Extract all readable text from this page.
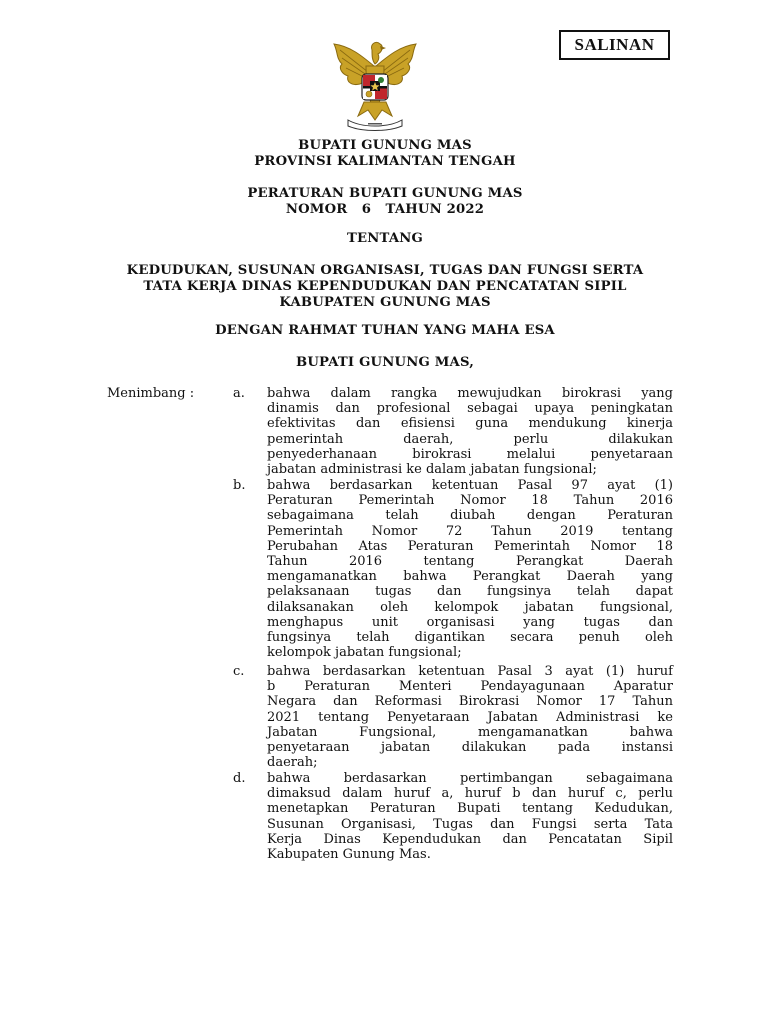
SALINAN
BUPATI GUNUNG MAS
PROVINSI KALIMANTAN TENGAH
PERATURAN BUPATI GUNUNG MAS
NOMOR   6   TAHUN 2022
TENTANG
KEDUDUKAN, SUSUNAN ORGANISASI, TUGAS DAN FUNGSI SERTA
TATA KERJA DINAS KEPENDUDUKAN DAN PENCATATAN SIPIL
KABUPATEN GUNUNG MAS
DENGAN RAHMAT TUHAN YANG MAHA ESA
BUPATI GUNUNG MAS,
Menimbang :	a. bahwa dalam rangka mewujudkan birokrasi yang
dinamis dan profesional sebagai upaya peningkatan
efektivitas dan efisiensi guna mendukung kinerja
pemerintah daerah, perlu dilakukan
penyederhanaan birokrasi melalui penyetaraan
jabatan administrasi ke dalam jabatan fungsional;
b. bahwa berdasarkan ketentuan Pasal 97 ayat (1)
Peraturan Pemerintah Nomor 18 Tahun 2016
sebagaimana telah diubah dengan Peraturan
Pemerintah Nomor 72 Tahun 2019 tentang
Perubahan Atas Peraturan Pemerintah Nomor 18
Tahun 2016 tentang Perangkat Daerah
mengamanatkan bahwa Perangkat Daerah yang
pelaksanaan tugas dan fungsinya telah dapat
dilaksanakan oleh kelompok jabatan fungsional,
menghapus unit organisasi yang tugas dan
fungsinya telah digantikan secara penuh oleh
kelompok jabatan fungsional;
c. bahwa berdasarkan ketentuan Pasal 3 ayat (1) huruf
b Peraturan Menteri Pendayagunaan Aparatur
Negara dan Reformasi Birokrasi Nomor 17 Tahun
2021 tentang Penyetaraan Jabatan Administrasi ke
Jabatan Fungsional, mengamanatkan bahwa
penyetaraan jabatan dilakukan pada instansi
daerah;
d. bahwa berdasarkan pertimbangan sebagaimana
dimaksud dalam huruf a, huruf b dan huruf c, perlu
menetapkan Peraturan Bupati tentang Kedudukan,
Susunan Organisasi, Tugas dan Fungsi serta Tata
Kerja Dinas Kependudukan dan Pencatatan Sipil
Kabupaten Gunung Mas.
